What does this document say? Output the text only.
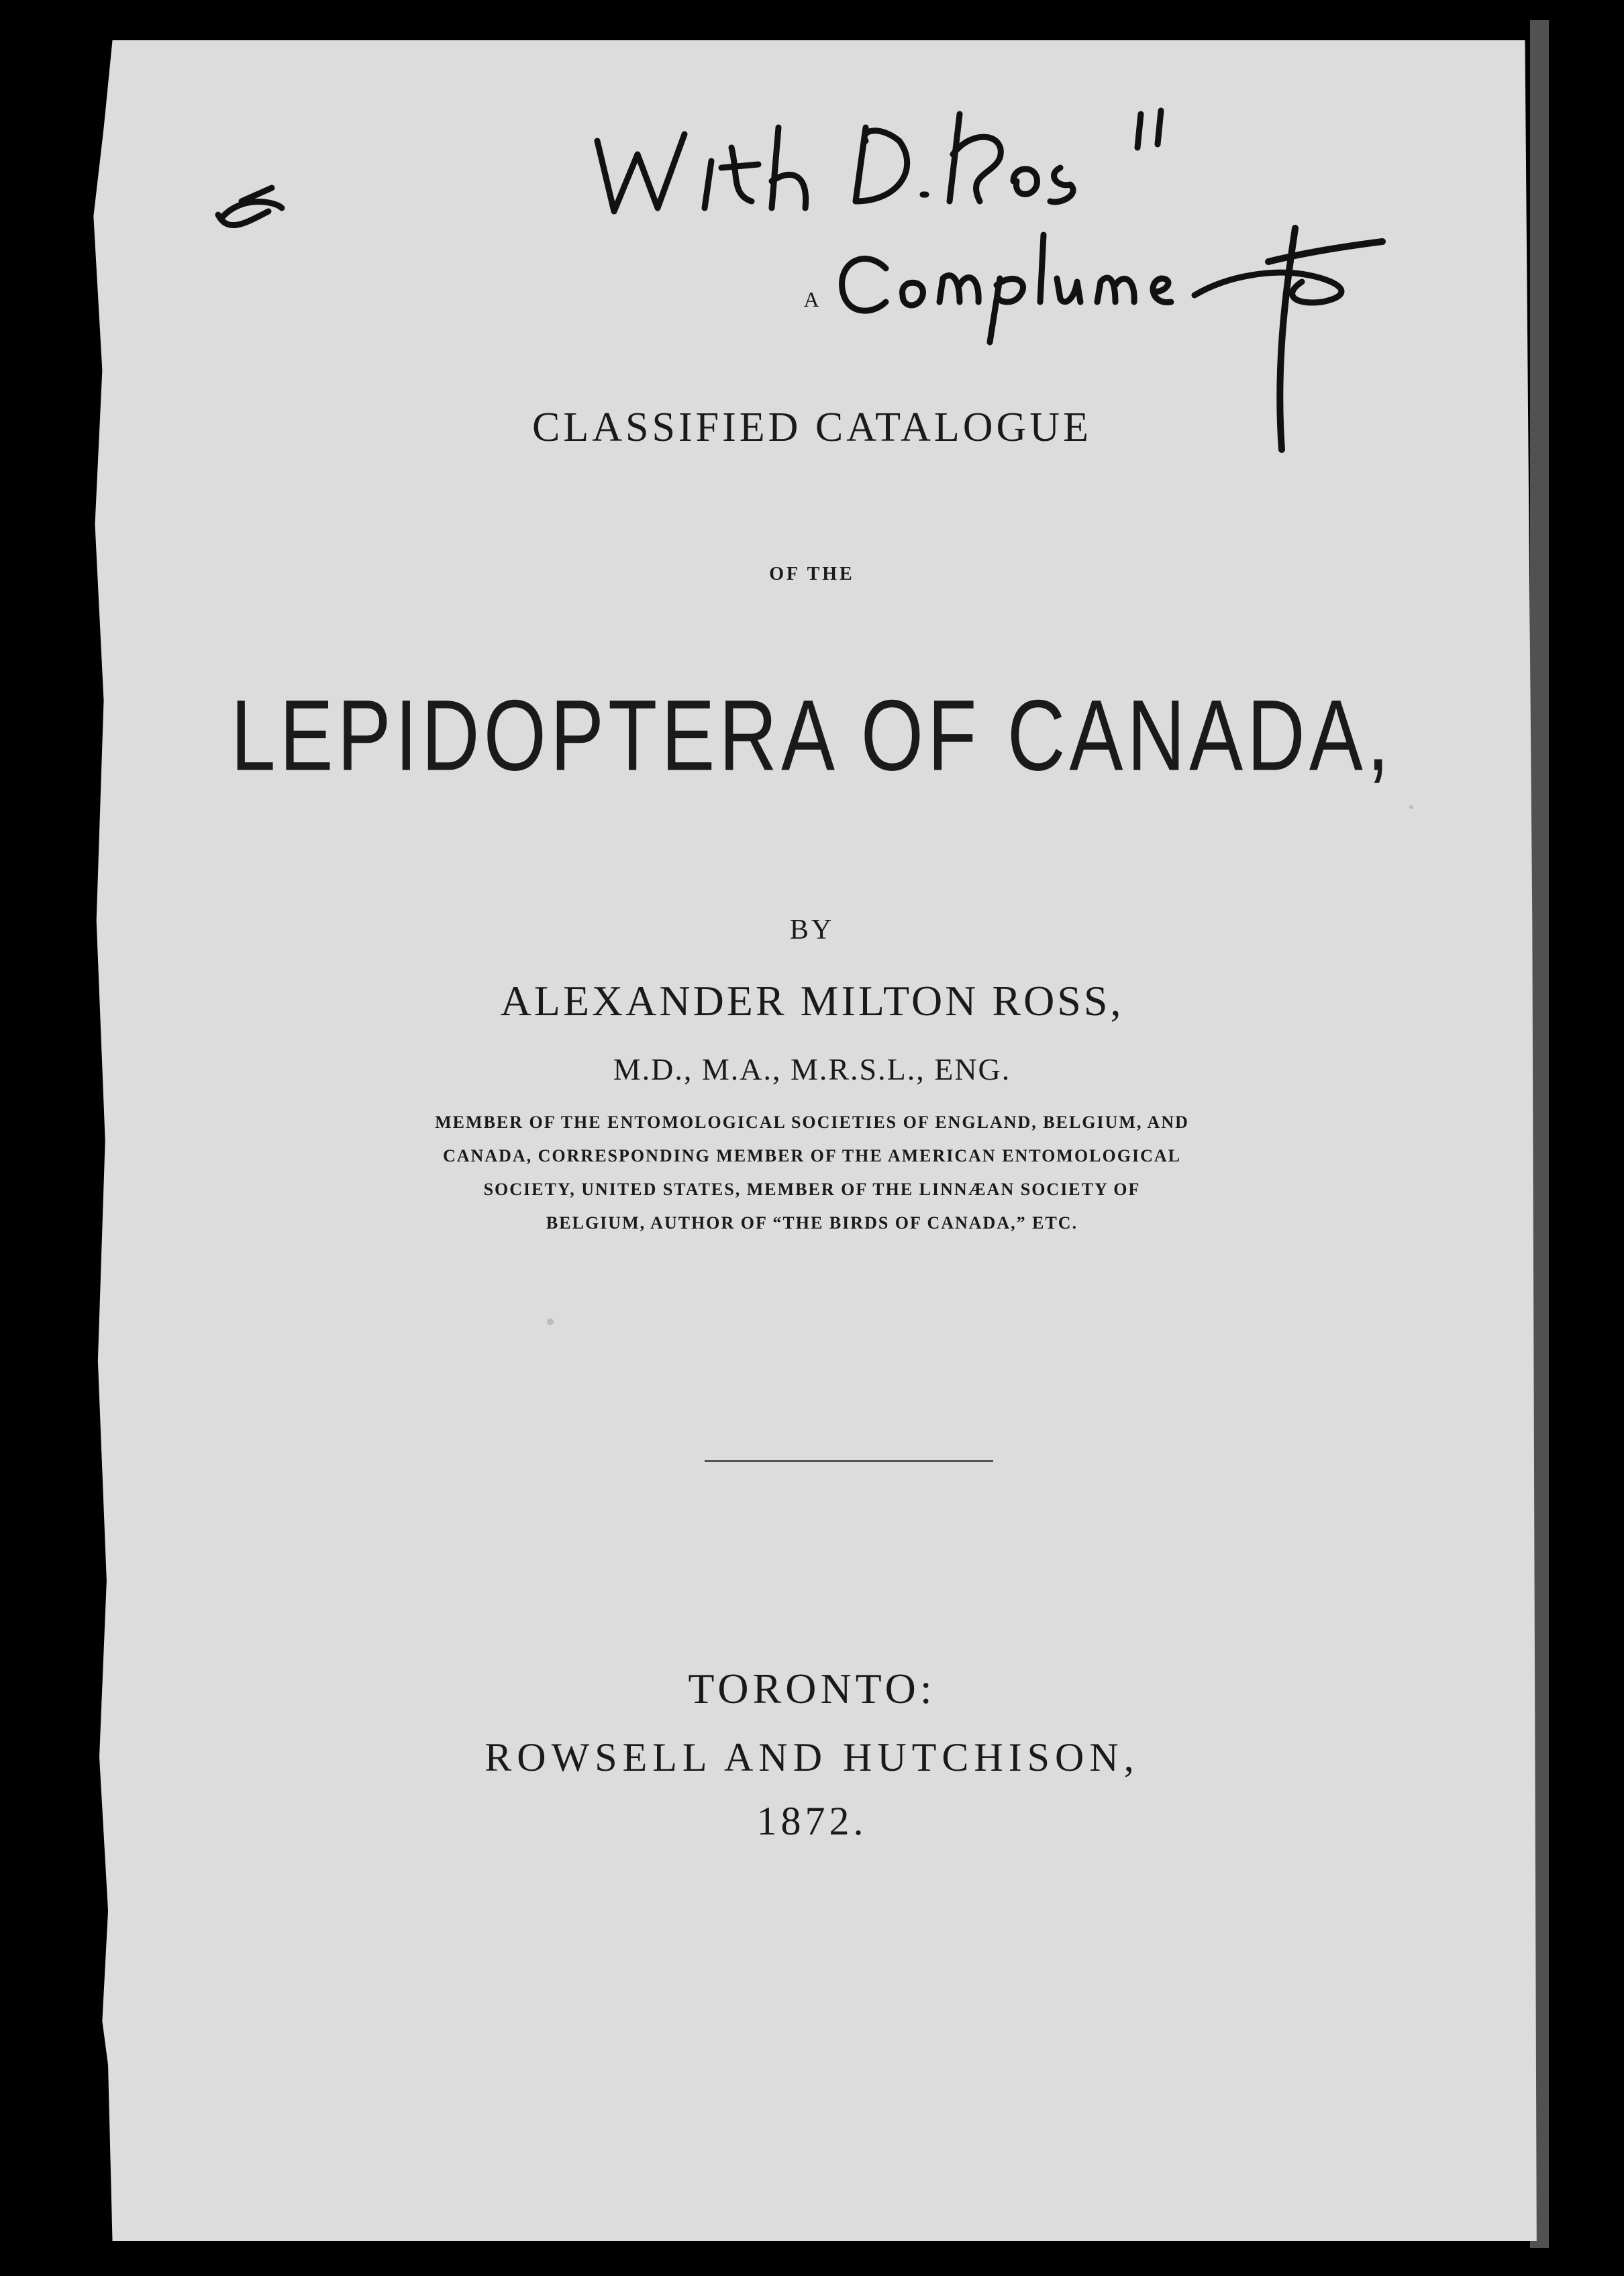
A
CLASSIFIED CATALOGUE
OF THE
LEPIDOPTERA OF CANADA,
BY
ALEXANDER MILTON ROSS,
M.D., M.A., M.R.S.L., ENG.
MEMBER OF THE ENTOMOLOGICAL SOCIETIES OF ENGLAND, BELGIUM, AND
CANADA, CORRESPONDING MEMBER OF THE AMERICAN ENTOMOLOGICAL
SOCIETY, UNITED STATES, MEMBER OF THE LINNÆAN SOCIETY OF
BELGIUM, AUTHOR OF “THE BIRDS OF CANADA,” ETC.
TORONTO:
ROWSELL AND HUTCHISON,
1872.
